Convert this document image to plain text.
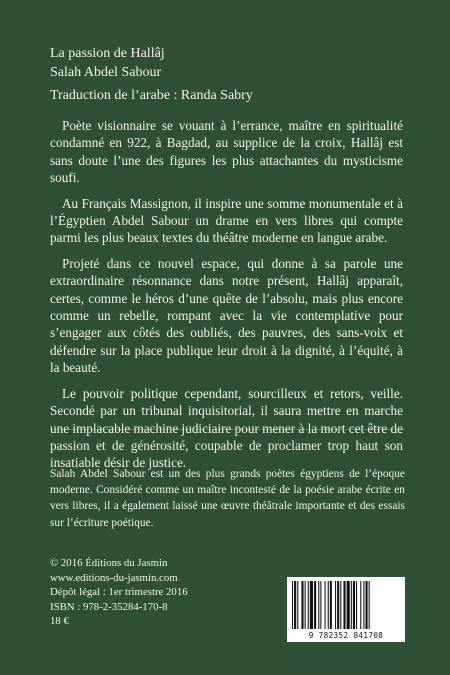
La passion de Hallâj
Salah Abdel Sabour
Traduction de l’arabe : Randa Sabry

Poète visionnaire se vouant à l’errance, maître en spiritualité condamné en 922, à Bagdad, au supplice de la croix, Hallâj est sans doute l’une des figures les plus attachantes du mysticisme soufi.

Au Français Massignon, il inspire une somme monumentale et à l’Égyptien Abdel Sabour un drame en vers libres qui compte parmi les plus beaux textes du théâtre moderne en langue arabe.

Projeté dans ce nouvel espace, qui donne à sa parole une extraordinaire résonnance dans notre présent, Hallâj apparaît, certes, comme le héros d’une quête de l’absolu, mais plus encore comme un rebelle, rompant avec la vie contemplative pour s’engager aux côtés des oubliés, des pauvres, des sans-voix et défendre sur la place publique leur droit à la dignité, à l’équité, à la beauté.

Le pouvoir politique cependant, sourcilleux et retors, veille. Secondé par un tribunal inquisitorial, il saura mettre en marche une implacable machine judiciaire pour mener à la mort cet être de passion et de générosité, coupable de proclamer trop haut son insatiable désir de justice.

Salah Abdel Sabour est un des plus grands poètes égyptiens de l’époque moderne. Considéré comme un maître incontesté de la poésie arabe écrite en vers libres, il a également laissé une œuvre théâtrale importante et des essais sur l’écriture poétique.

© 2016 Éditions du Jasmin
www.editions-du-jasmin.com
Dépôt légal : 1er trimestre 2016
ISBN : 978-2-35284-170-8
18 €
9 782352 841708
